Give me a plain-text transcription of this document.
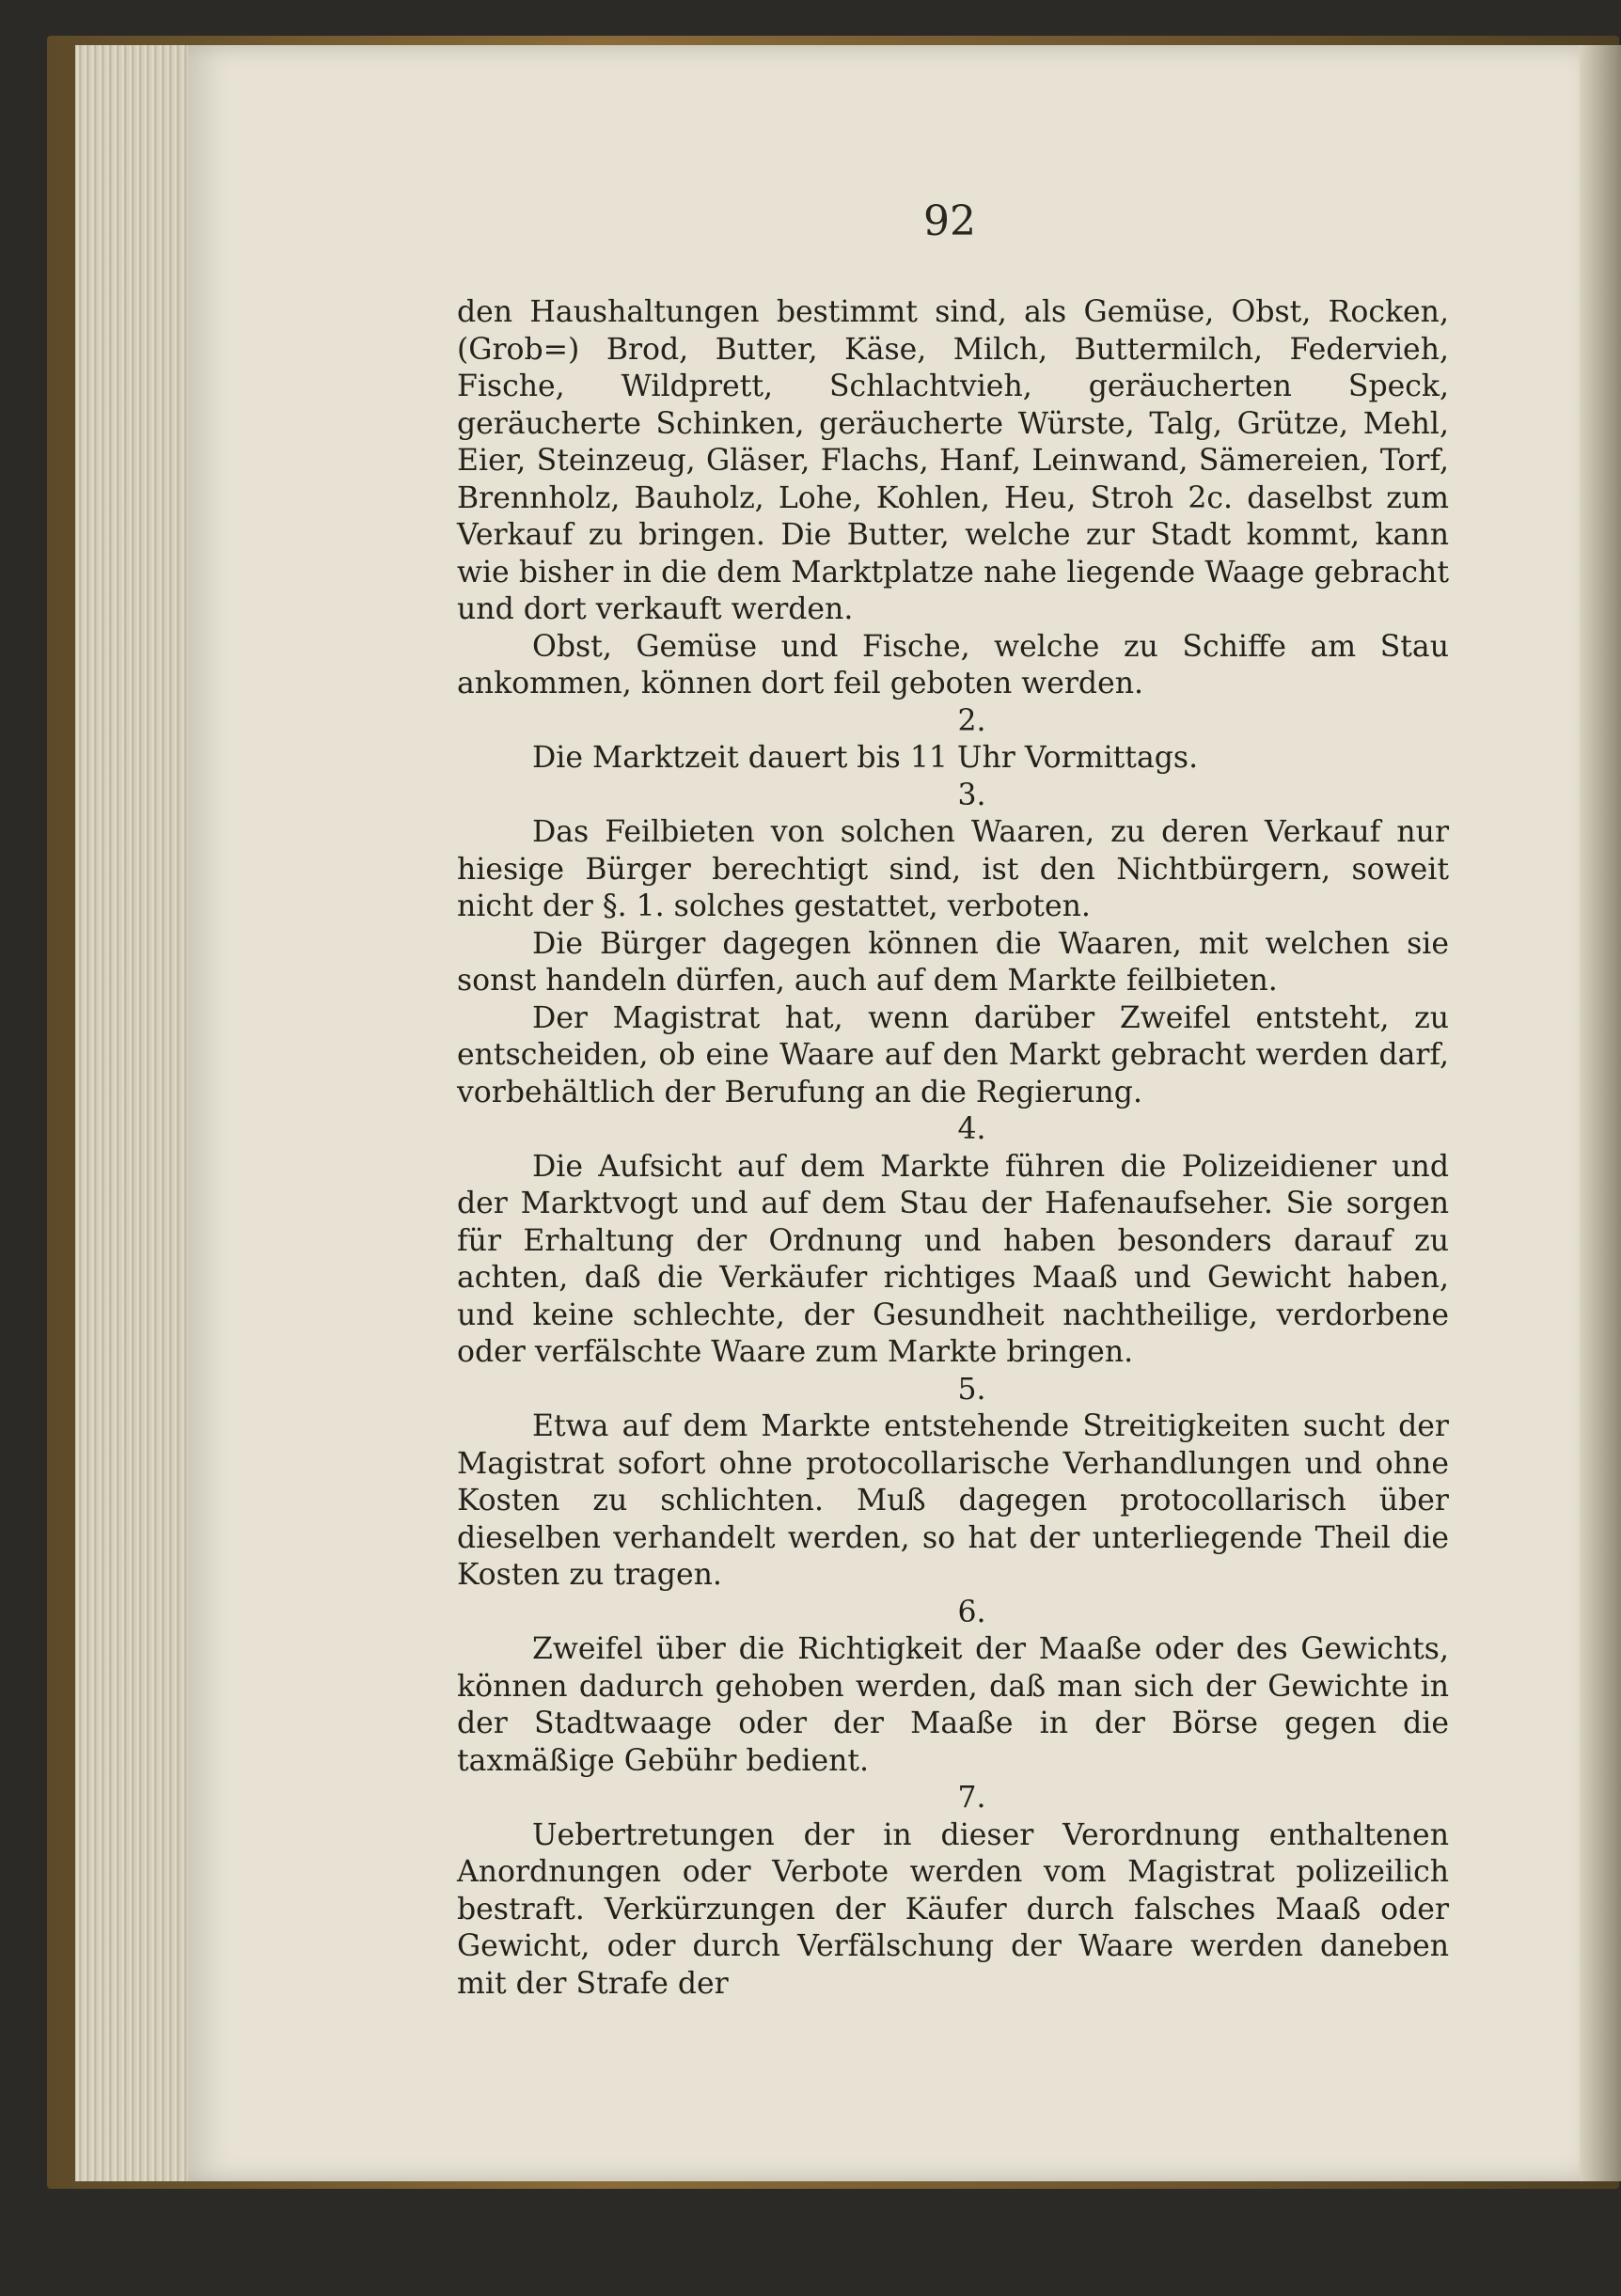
92

den Haushaltungen bestimmt sind, als Gemüse, Obst, Rocken, (Grob=) Brod, Butter, Käse, Milch, Buttermilch, Federvieh, Fische, Wildprett, Schlachtvieh, geräucherten Speck, geräucherte Schinken, geräucherte Würste, Talg, Grütze, Mehl, Eier, Steinzeug, Gläser, Flachs, Hanf, Leinwand, Sämereien, Torf, Brennholz, Bauholz, Lohe, Kohlen, Heu, Stroh 2c. daselbst zum Verkauf zu bringen. Die Butter, welche zur Stadt kommt, kann wie bisher in die dem Marktplatze nahe liegende Waage gebracht und dort verkauft werden.

Obst, Gemüse und Fische, welche zu Schiffe am Stau ankommen, können dort feil geboten werden.

2.

Die Marktzeit dauert bis 11 Uhr Vormittags.

3.

Das Feilbieten von solchen Waaren, zu deren Verkauf nur hiesige Bürger berechtigt sind, ist den Nichtbürgern, soweit nicht der §. 1. solches gestattet, verboten.

Die Bürger dagegen können die Waaren, mit welchen sie sonst handeln dürfen, auch auf dem Markte feilbieten.

Der Magistrat hat, wenn darüber Zweifel entsteht, zu entscheiden, ob eine Waare auf den Markt gebracht werden darf, vorbehältlich der Berufung an die Regierung.

4.

Die Aufsicht auf dem Markte führen die Polizeidiener und der Marktvogt und auf dem Stau der Hafenaufseher. Sie sorgen für Erhaltung der Ordnung und haben besonders darauf zu achten, daß die Verkäufer richtiges Maaß und Gewicht haben, und keine schlechte, der Gesundheit nachtheilige, verdorbene oder verfälschte Waare zum Markte bringen.

5.

Etwa auf dem Markte entstehende Streitigkeiten sucht der Magistrat sofort ohne protocollarische Verhandlungen und ohne Kosten zu schlichten. Muß dagegen protocollarisch über dieselben verhandelt werden, so hat der unterliegende Theil die Kosten zu tragen.

6.

Zweifel über die Richtigkeit der Maaße oder des Gewichts, können dadurch gehoben werden, daß man sich der Gewichte in der Stadtwaage oder der Maaße in der Börse gegen die taxmäßige Gebühr bedient.

7.

Uebertretungen der in dieser Verordnung enthaltenen Anordnungen oder Verbote werden vom Magistrat polizeilich bestraft. Verkürzungen der Käufer durch falsches Maaß oder Gewicht, oder durch Verfälschung der Waare werden daneben mit der Strafe der
